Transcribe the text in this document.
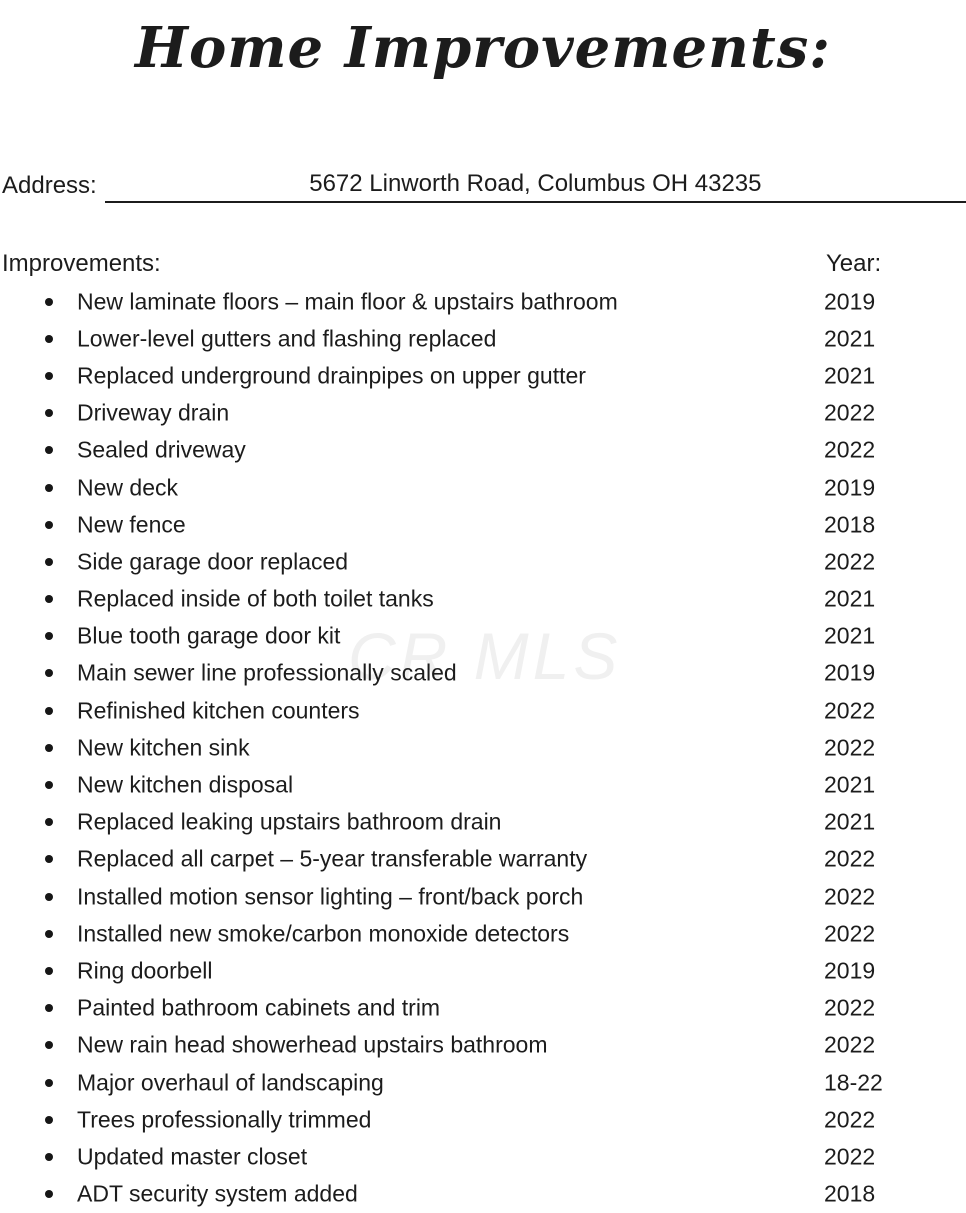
Home Improvements:
CR MLS
Address:	5672 Linworth Road, Columbus OH 43235
Improvements:	Year:
New laminate floors – main floor & upstairs bathroom	2019
Lower-level gutters and flashing replaced	2021
Replaced underground drainpipes on upper gutter	2021
Driveway drain	2022
Sealed driveway	2022
New deck	2019
New fence	2018
Side garage door replaced	2022
Replaced inside of both toilet tanks	2021
Blue tooth garage door kit	2021
Main sewer line professionally scaled	2019
Refinished kitchen counters	2022
New kitchen sink	2022
New kitchen disposal	2021
Replaced leaking upstairs bathroom drain	2021
Replaced all carpet – 5-year transferable warranty	2022
Installed motion sensor lighting – front/back porch	2022
Installed new smoke/carbon monoxide detectors	2022
Ring doorbell	2019
Painted bathroom cabinets and trim	2022
New rain head showerhead upstairs bathroom	2022
Major overhaul of landscaping	18-22
Trees professionally trimmed	2022
Updated master closet	2022
ADT security system added	2018
